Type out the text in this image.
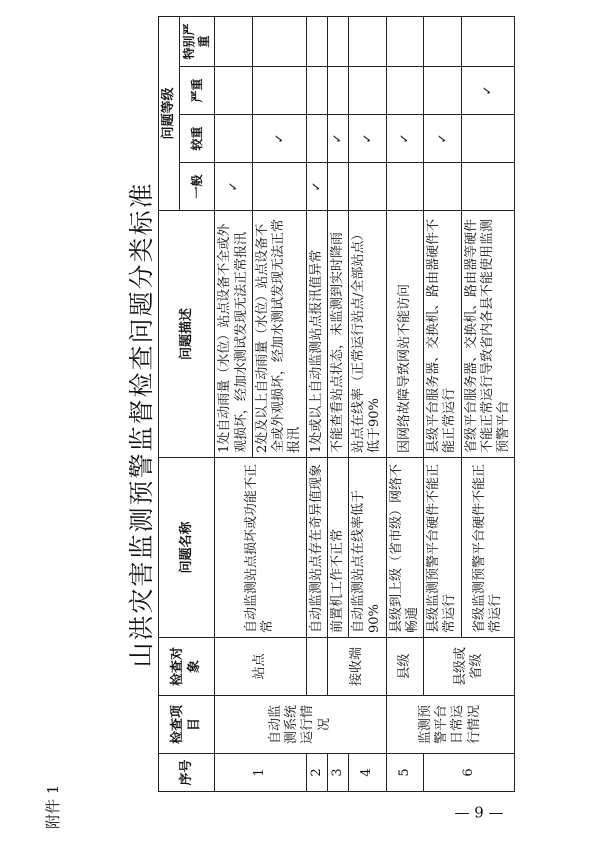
附件 1
山洪灾害监测预警监督检查问题分类标准
— 9 —
序号	检查项目	检查对象	问题名称	问题描述	问题等级			
					一般	较重	严重	特别严重
1	自动监测系统运行情况	站点	自动监测站点损坏或功能不正常	1处自动雨量（水位）站点设备不全或外观损坏，经加水测试发现无法正常报汛	✓			
				2处及以上自动雨量（水位）站点设备不全或外观损坏，经加水测试发现无法正常报汛		✓		
2			自动监测站点存在奇异值现象	1处或以上自动监测站点报汛值异常	✓			
3		接收端	前置机工作不正常	不能查看站点状态，未监测到实时降雨		✓		
4			自动监测站点在线率低于90%	站点在线率（正常运行站点/全部站点）低于90%		✓		
5	监测预警平台日常运行情况	县级	县级到上级（省市级）网络不畅通	因网络故障导致网站不能访问		✓		
6		县级或省级	县级监测预警平台硬件不能正常运行	县级平台服务器、交换机、路由器硬件不能正常运行		✓		
			省级监测预警平台硬件不能正常运行	省级平台服务器、交换机、路由器等硬件不能正常运行导致省内各县不能使用监测预警平台			✓	
